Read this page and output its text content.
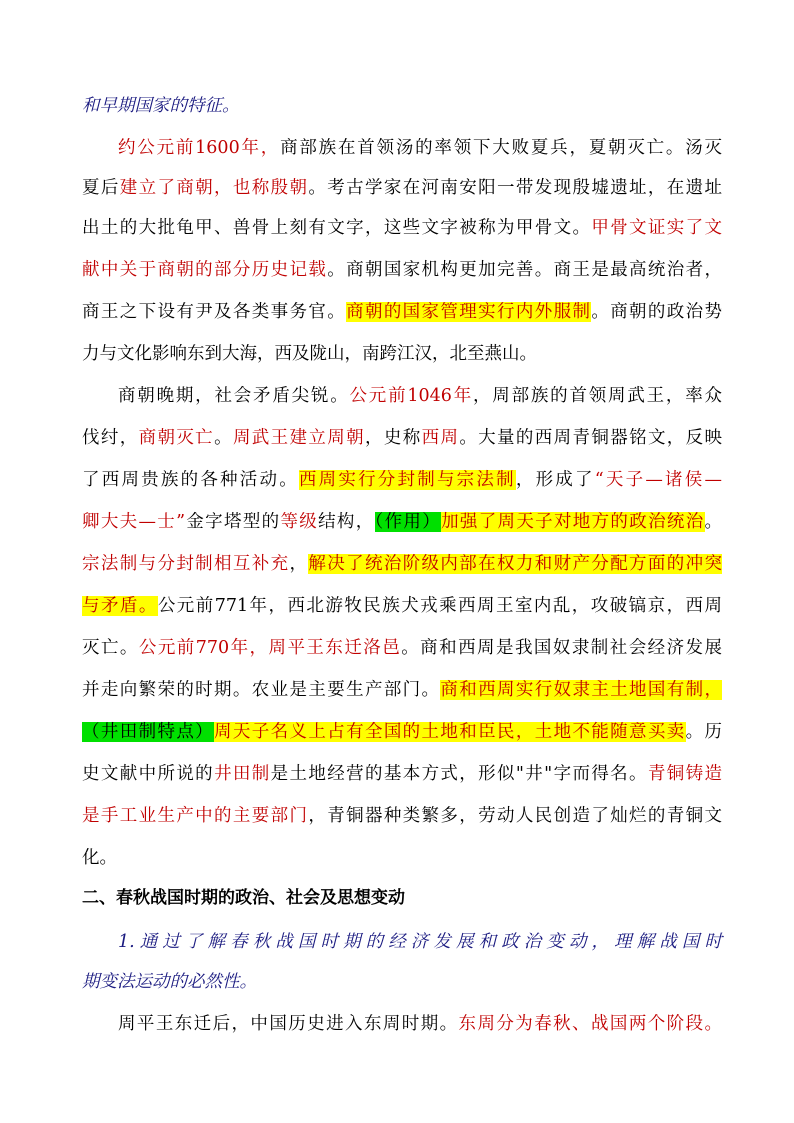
和早期国家的特征。
约公元前1600年，商部族在首领汤的率领下大败夏兵，夏朝灭亡。汤灭
夏后建立了商朝，也称殷朝。考古学家在河南安阳一带发现殷墟遗址，在遗址
出土的大批龟甲、兽骨上刻有文字，这些文字被称为甲骨文。甲骨文证实了文
献中关于商朝的部分历史记载。商朝国家机构更加完善。商王是最高统治者，
商王之下设有尹及各类事务官。商朝的国家管理实行内外服制。商朝的政治势
力与文化影响东到大海，西及陇山，南跨江汉，北至燕山。
商朝晚期，社会矛盾尖锐。公元前1046年，周部族的首领周武王，率众
伐纣，商朝灭亡。周武王建立周朝，史称西周。大量的西周青铜器铭文，反映
了西周贵族的各种活动。西周实行分封制与宗法制，形成了“天子—诸侯—
卿大夫—士”金字塔型的等级结构，（作用）加强了周天子对地方的政治统治。
宗法制与分封制相互补充，解决了统治阶级内部在权力和财产分配方面的冲突
与矛盾。公元前771年，西北游牧民族犬戎乘西周王室内乱，攻破镐京，西周
灭亡。公元前770年，周平王东迁洛邑。商和西周是我国奴隶制社会经济发展
并走向繁荣的时期。农业是主要生产部门。商和西周实行奴隶主土地国有制，
（井田制特点）周天子名义上占有全国的土地和臣民，土地不能随意买卖。历
史文献中所说的井田制是土地经营的基本方式，形似"井"字而得名。青铜铸造
是手工业生产中的主要部门，青铜器种类繁多，劳动人民创造了灿烂的青铜文
化。
二、春秋战国时期的政治、社会及思想变动
1.通过了解春秋战国时期的经济发展和政治变动，理解战国时
期变法运动的必然性。
周平王东迁后，中国历史进入东周时期。东周分为春秋、战国两个阶段。
